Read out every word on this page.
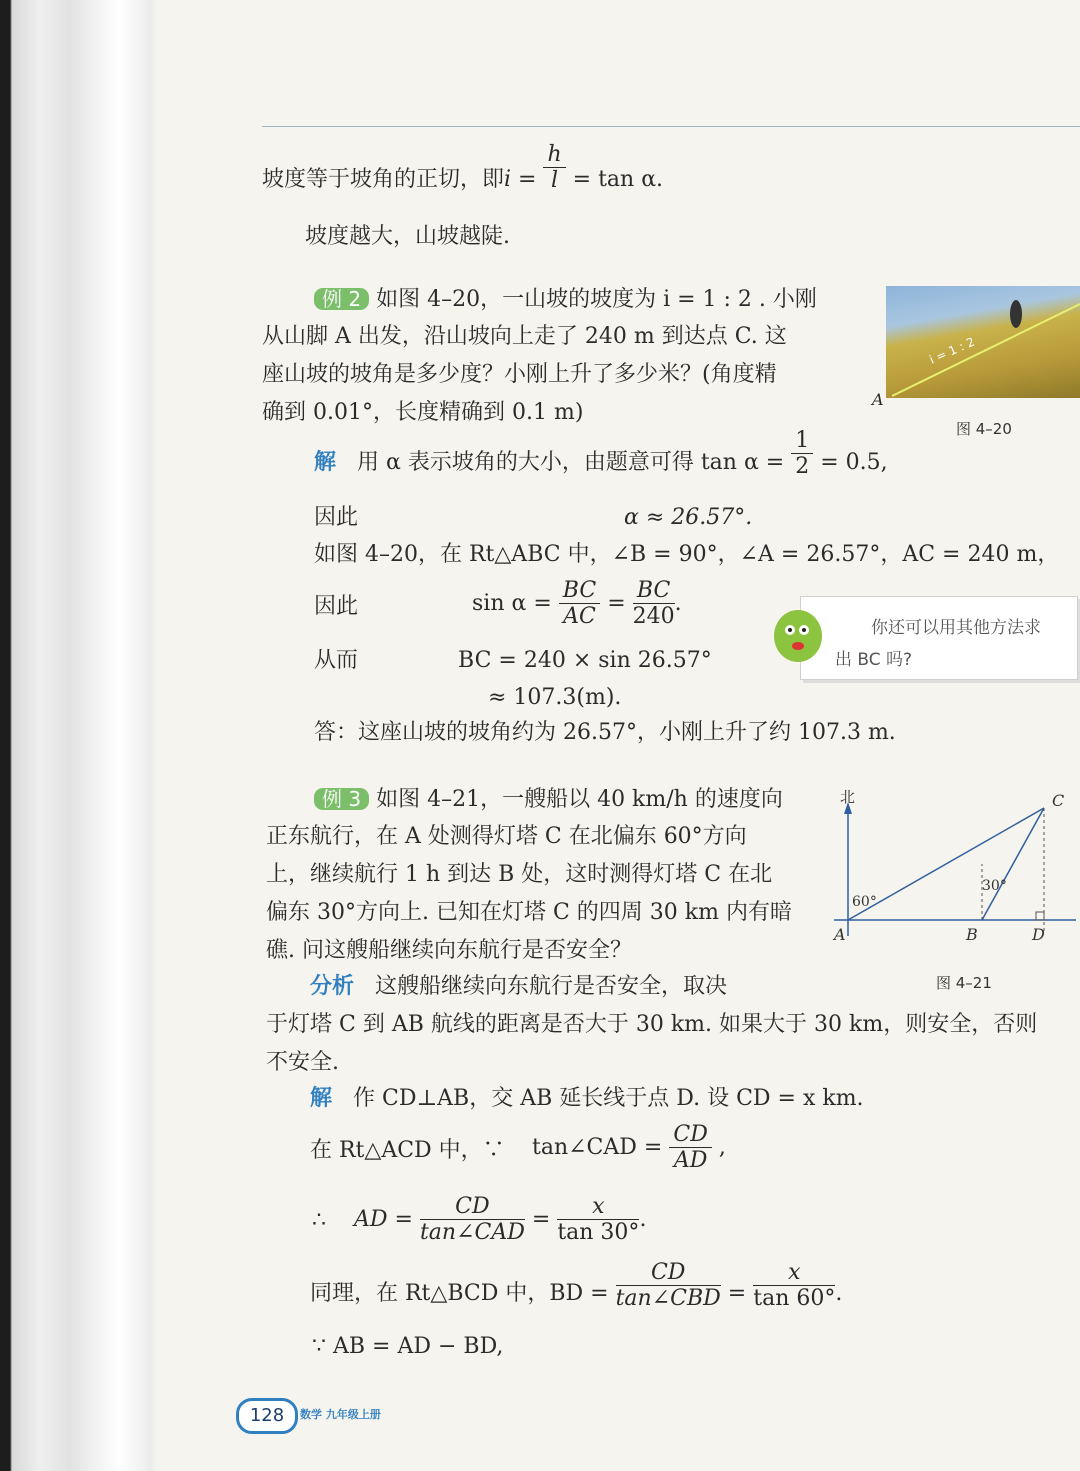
坡度等于坡角的正切，即$i = \frac{h}{l} = \tan \alpha$.
坡度越大，山坡越陡.
例 2 如图 4–20，一山坡的坡度为 i = 1 : 2 . 小刚
从山脚 A 出发，沿山坡向上走了 240 m 到达点 C. 这
座山坡的坡角是多少度？小刚上升了多少米？(角度精
确到 0.01°，长度精确到 0.1 m)
i = 1 : 2
A
图 4–20
解 用 α 表示坡角的大小，由题意可得 $\tan \alpha = \frac{1}{2} = 0.5$,
因此	α ≈ 26.57°.
如图 4–20，在 Rt△ABC 中，∠B = 90°，∠A = 26.57°，AC = 240 m，
因此	$\sin \alpha = \frac{BC}{AC} = \frac{BC}{240}$ .
从而	BC = 240 × sin 26.57°
≈ 107.3(m).
答：这座山坡的坡角约为 26.57°，小刚上升了约 107.3 m.
你还可以用其他方法求
出 BC 吗?
例 3 如图 4–21，一艘船以 40 km/h 的速度向
正东航行，在 A 处测得灯塔 C 在北偏东 60°方向
上，继续航行 1 h 到达 B 处，这时测得灯塔 C 在北
偏东 30°方向上. 已知在灯塔 C 的四周 30 km 内有暗
礁. 问这艘船继续向东航行是否安全？
北	C
A	B	D
60°
30°
图 4–21
分析 这艘船继续向东航行是否安全，取决
于灯塔 C 到 AB 航线的距离是否大于 30 km. 如果大于 30 km，则安全，否则
不安全.
解 作 CD⊥AB，交 AB 延长线于点 D. 设 CD = x km.
在 Rt△ACD 中，∵ tan∠CAD = $\frac{CD}{AD}$ ,
∴ AD = $\frac{CD}{\text{tan∠CAD}} = \frac{x}{\tan 30^\circ}$ .
同理，在 Rt△BCD 中，BD = $\frac{CD}{\text{tan∠CBD}} = \frac{x}{\tan 60^\circ}$ .
∵ AB = AD − BD,
128	数学 九年级上册
